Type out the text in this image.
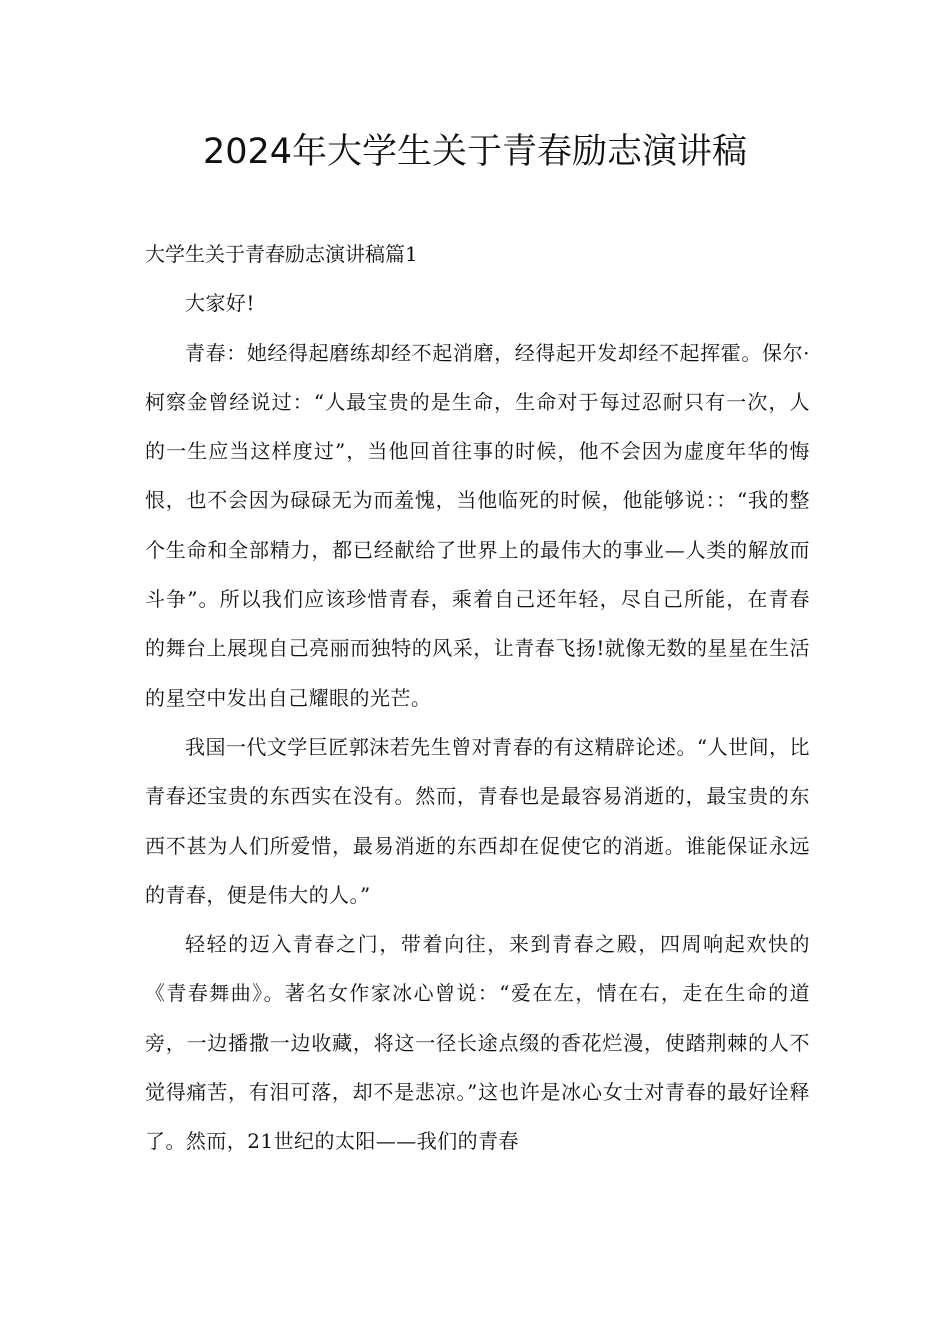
2024年大学生关于青春励志演讲稿

大学生关于青春励志演讲稿篇1

大家好!

青春：她经得起磨练却经不起消磨，经得起开发却经不起挥霍。保尔·柯察金曾经说过：“人最宝贵的是生命，生命对于每过忍耐只有一次，人的一生应当这样度过”，当他回首往事的时候，他不会因为虚度年华的悔恨，也不会因为碌碌无为而羞愧，当他临死的时候，他能够说：：“我的整个生命和全部精力，都已经献给了世界上的最伟大的事业—人类的解放而斗争”。所以我们应该珍惜青春，乘着自己还年轻，尽自己所能，在青春的舞台上展现自己亮丽而独特的风采，让青春飞扬!就像无数的星星在生活的星空中发出自己耀眼的光芒。

我国一代文学巨匠郭沫若先生曾对青春的有这精辟论述。“人世间，比青春还宝贵的东西实在没有。然而，青春也是最容易消逝的，最宝贵的东西不甚为人们所爱惜，最易消逝的东西却在促使它的消逝。谁能保证永远的青春，便是伟大的人。”

轻轻的迈入青春之门，带着向往，来到青春之殿，四周响起欢快的《青春舞曲》。著名女作家冰心曾说：“爱在左，情在右，走在生命的道旁，一边播撒一边收藏，将这一径长途点缀的香花烂漫，使踏荆棘的人不觉得痛苦，有泪可落，却不是悲凉。”这也许是冰心女士对青春的最好诠释了。然而，21世纪的太阳——我们的青春
